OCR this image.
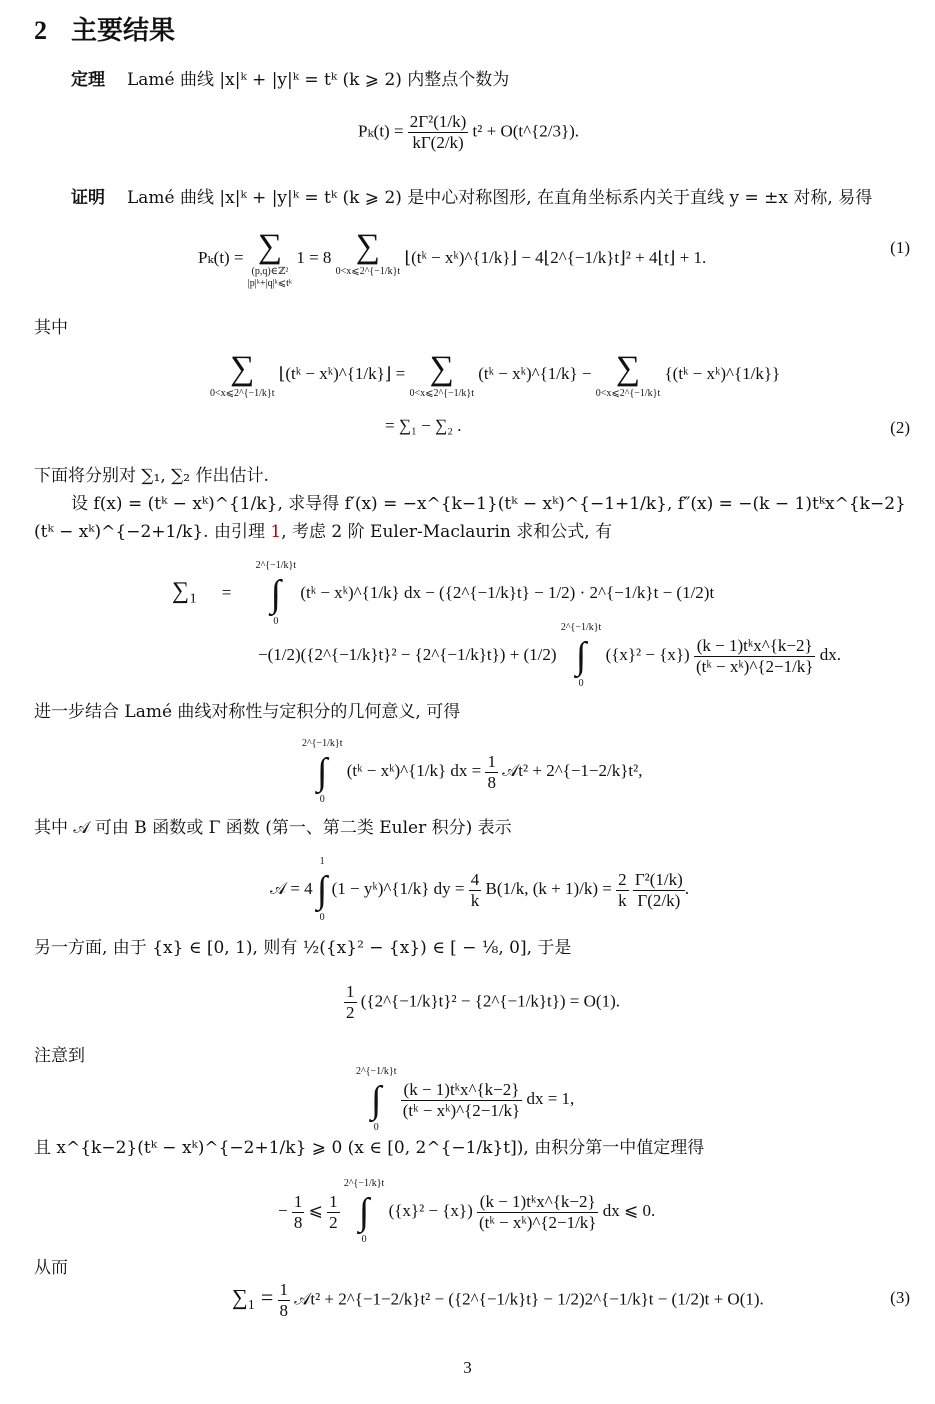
2 主要结果
定理 Lamé 曲线 |x|ᵏ + |y|ᵏ = tᵏ (k ⩾ 2) 内整点个数为
$P_k(t) = \frac{\text{2Γ²(1/k)}}{k\Gamma(2/k)} t^2$ + O(t^{2/3}).
证明 Lamé 曲线 |x|ᵏ + |y|ᵏ = tᵏ (k ⩾ 2) 是中心对称图形, 在直角坐标系内关于直线 y = ±x 对称, 易得
Pₖ(t) = ∑
(p,q)∈ℤ²
|p|ᵏ+|q|ᵏ⩽tᵏ
1 = 8 ∑
0<x⩽2^{−1/k}t

⌊(tᵏ − xᵏ)^{1/k}⌋ − 4⌊2^{−1/k}t⌋² + 4⌊t⌋ + 1.
(1)
其中
∑
0<x⩽2^{−1/k}t
⌊(tᵏ − xᵏ)^{1/k}⌋ = ∑
0<x⩽2^{−1/k}t
(tᵏ − xᵏ)^{1/k} − ∑
0<x⩽2^{−1/k}t
{(tᵏ − xᵏ)^{1/k}}
= ∑₁ − ∑₂ .	(2)
下面将分别对 ∑₁, ∑₂ 作出估计.
设 f(x) = (tᵏ − xᵏ)^{1/k}, 求导得 f′(x) = −x^{k−1}(tᵏ − xᵏ)^{−1+1/k}, f″(x) = −(k − 1)tᵏx^{k−2}(tᵏ − xᵏ)^{−2+1/k}. 由引理 1, 考虑 2 阶 Euler-Maclaurin 求和公式, 有
∑₁ =
2^{−1/k}t
∫
0
(tᵏ − xᵏ)^{1/k} dx − ({2^{−1/k}t} − 1/2) · 2^{−1/k}t − (1/2)t
−(1/2)({2^{−1/k}t}² − {2^{−1/k}t}) + (1/2)
2^{−1/k}t
∫
0
$(\{x\}^2 - \{x\}) \frac{\text{(k − 1)tᵏx\textasciicircum{}\{k−2\}}}{\text{(tᵏ − xᵏ)\textasciicircum{}\{2−1/k\}}}$ dx.
进一步结合 Lamé 曲线对称性与定积分的几何意义, 可得
2^{−1/k}t
∫
0
(tᵏ − xᵏ)^{1/k} dx = $\frac{1}{8}$ 𝒜t² + 2^{−1−2/k}t²,
其中 𝒜 可由 B 函数或 Γ 函数 (第一、第二类 Euler 积分) 表示
𝒜 = 4
1
∫
0
(1 − yᵏ)^{1/k} dy = $\frac{4}{k} B(1/k$, $(k + 1)/k) = \frac{2}{k}$
$\frac{\text{Γ²(1/k)}}{\Gamma(2/k)}$ .
另一方面, 由于 {x} ∈ [0, 1), 则有 ½({x}² − {x}) ∈ [ − ⅛, 0], 于是
$\frac{1}{2}$ ({2^{−1/k}t}² − {2^{−1/k}t}) = O(1).
注意到
2^{−1/k}t
∫
0

$\frac{\text{(k − 1)tᵏx\textasciicircum{}\{k−2\}}}{\text{(tᵏ − xᵏ)\textasciicircum{}\{2−1/k\}}}$ dx = 1,
且 x^{k−2}(tᵏ − xᵏ)^{−2+1/k} ⩾ 0 (x ∈ [0, 2^{−1/k}t]), 由积分第一中值定理得
− $\frac{1}{8}$ ⩽ $\frac{1}{2}$

2^{−1/k}t
∫
0
$(\{x\}^2 - \{x\}) \frac{\text{(k − 1)tᵏx\textasciicircum{}\{k−2\}}}{\text{(tᵏ − xᵏ)\textasciicircum{}\{2−1/k\}}}$ dx ⩽ 0.
从而
$\sum_1 = \frac{1}{8}$ 𝒜t² + 2^{−1−2/k}t² − ({2^{−1/k}t} − 1/2)2^{−1/k}t − (1/2)t + O(1).	(3)
3
